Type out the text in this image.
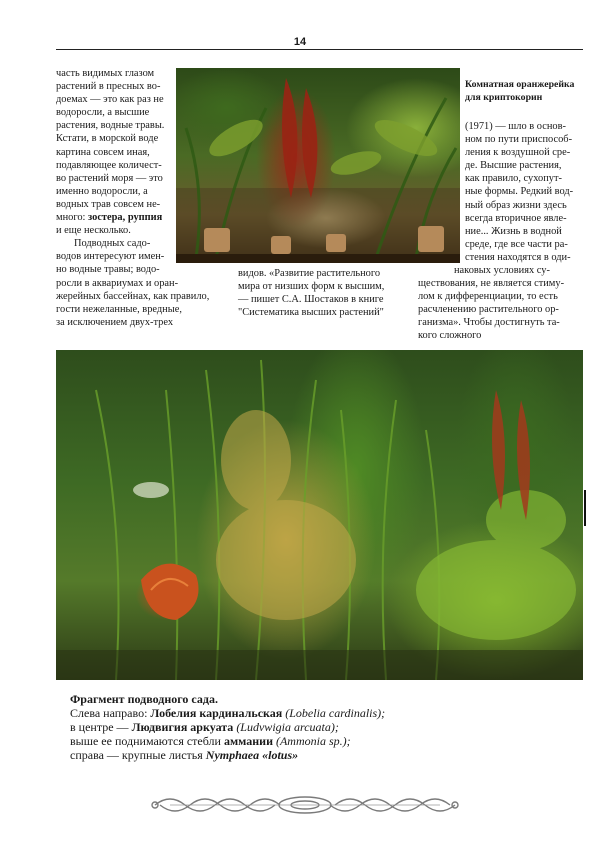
14
часть видимых глазом
растений в пресных во-
доемах — это как раз не
водоросли, а высшие
растения, водные травы.
Кстати, в морской воде
картина совсем иная,
подавляющее количест-
во растений моря — это
именно водоросли, а
водных трав совсем не-
много: зостера, руппия
и еще несколько.
Подводных садо-
водов интересуют имен-
но водные травы; водо-
росли в аквариумах и оран-
жерейных бассейнах, как правило,
гости нежеланные, вредные,
за исключением двух-трех
видов. «Развитие растительного
мира от низших форм к высшим,
— пишет С.А. Шостаков в книге
"Систематика высших растений"
Комнатная оранжерейка
для криптокорин
(1971) — шло в основ-
ном по пути приспособ-
ления к воздушной сре-
де. Высшие растения,
как правило, сухопут-
ные формы. Редкий вод-
ный образ жизни здесь
всегда вторичное явле-
ние... Жизнь в водной
среде, где все части ра-
стения находятся в оди-
наковых условиях су-
ществования, не является стиму-
лом к дифференциации, то есть
расчленению растительного ор-
ганизма». Чтобы достигнуть та-
кого сложного
Фрагмент подводного сада.
Слева направо: Лобелия кардинальская (Lobelia cardinalis);
в центре — Людвигия аркуата (Ludvwigia arcuata);
выше ее поднимаются стебли аммании (Ammonia sp.);
справа — крупные листья Nymphaea «lotus»
